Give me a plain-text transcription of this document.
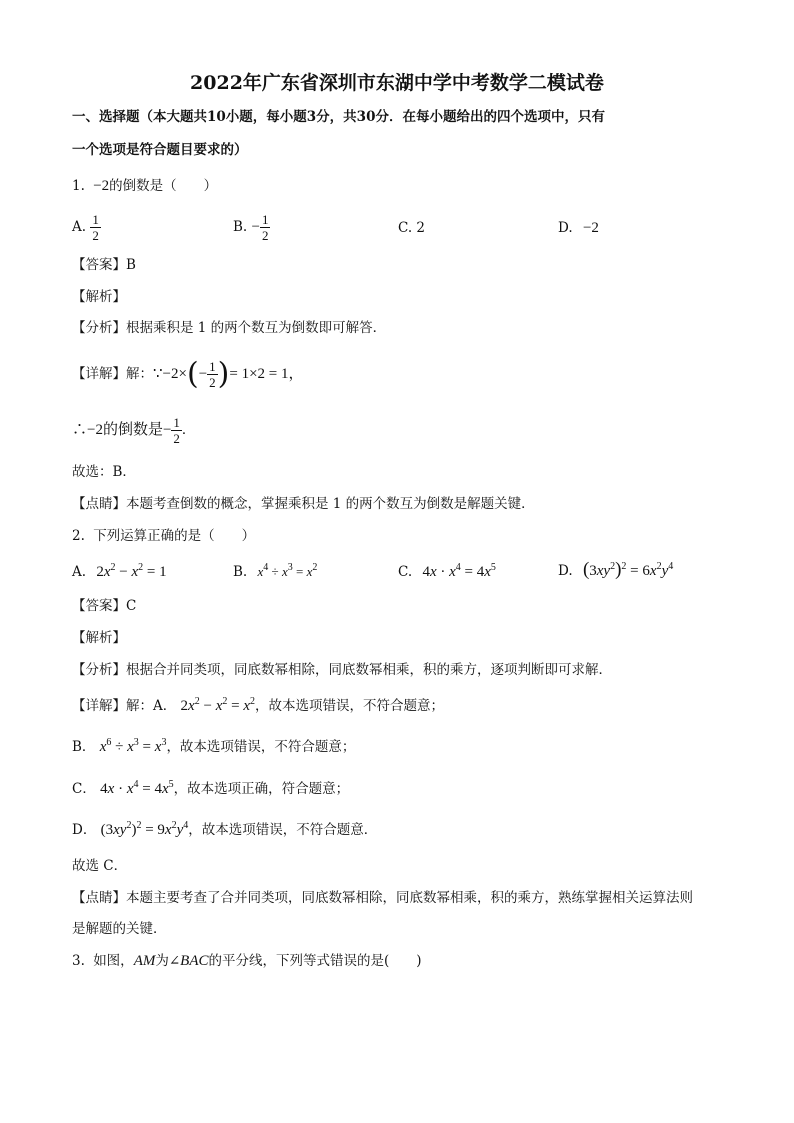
2022年广东省深圳市东湖中学中考数学二模试卷
一、选择题（本大题共10小题，每小题3分，共30分．在每小题给出的四个选项中，只有
一个选项是符合题目要求的）
1. −2的倒数是（　　）
A. $\frac{1}{2}$	B. − $\frac{1}{2}$	C. 2	D. −2
【答案】B
【解析】
【分析】根据乘积是 1 的两个数互为倒数即可解答．
【详解】解：∵−2×(− $\frac{1}{2}$ )= 1×2 = 1，
∴−2的倒数是− $\frac{1}{2}$ ．
故选：B．
【点睛】本题考查倒数的概念，掌握乘积是 1 的两个数互为倒数是解题关键．
2. 下列运算正确的是（　　）
A. $2x^2 - x^2 = 1$	B. $x^4 \div x^3 = x^2$	C. $4x \cdot x^4 = 4x^5$	D. $(3xy^2)^2 = 6x^2y^4$
【答案】C
【解析】
【分析】根据合并同类项，同底数幂相除，同底数幂相乘，积的乘方，逐项判断即可求解．
【详解】解：A． $2x^2 - x^2 = x^2$，故本选项错误，不符合题意；
B． $x^6 \div x^3 = x^3$，故本选项错误，不符合题意；
C． $4x \cdot x^4 = 4x^5$，故本选项正确，符合题意；
D． $(3xy^2)^2 = 9x^2y^4$，故本选项错误，不符合题意．
故选 C．
【点睛】本题主要考查了合并同类项，同底数幂相除，同底数幂相乘，积的乘方，熟练掌握相关运算法则
是解题的关键．
3. 如图，AM为∠BAC的平分线，下列等式错误的是(　　)
